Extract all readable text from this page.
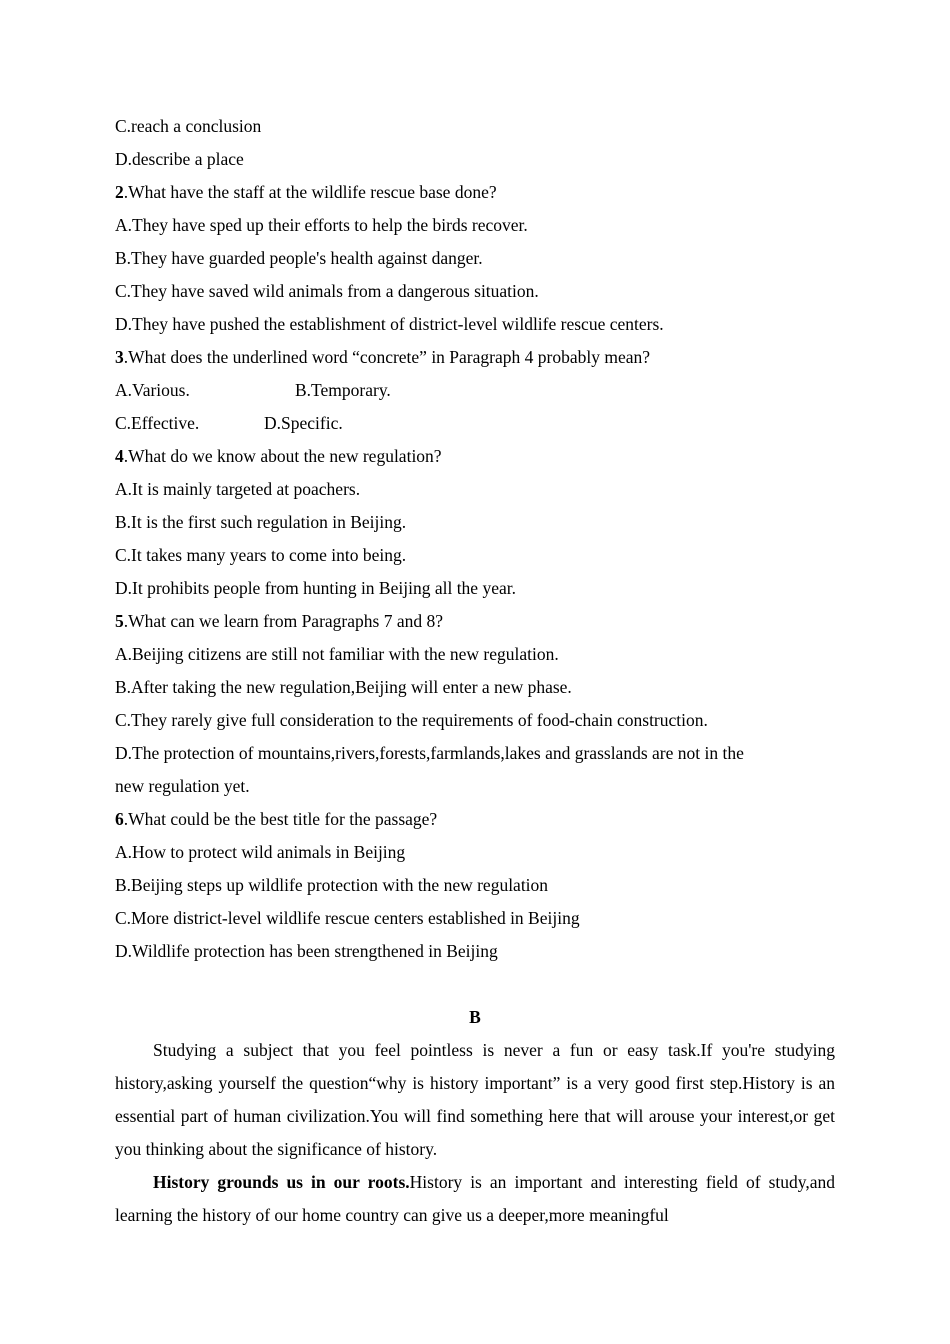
C.reach a conclusion
D.describe a place
2.What have the staff at the wildlife rescue base done?
A.They have sped up their efforts to help the birds recover.
B.They have guarded people's health against danger.
C.They have saved wild animals from a dangerous situation.
D.They have pushed the establishment of district-level wildlife rescue centers.
3.What does the underlined word “concrete” in Paragraph 4 probably mean?
A.Various.	B.Temporary.
C.Effective.	D.Specific.
4.What do we know about the new regulation?
A.It is mainly targeted at poachers.
B.It is the first such regulation in Beijing.
C.It takes many years to come into being.
D.It prohibits people from hunting in Beijing all the year.
5.What can we learn from Paragraphs 7 and 8?
A.Beijing citizens are still not familiar with the new regulation.
B.After taking the new regulation,Beijing will enter a new phase.
C.They rarely give full consideration to the requirements of food-chain construction.
D.The protection of mountains,rivers,forests,farmlands,lakes and grasslands are not in the
new regulation yet.
6.What could be the best title for the passage?
A.How to protect wild animals in Beijing
B.Beijing steps up wildlife protection with the new regulation
C.More district-level wildlife rescue centers established in Beijing
D.Wildlife protection has been strengthened in Beijing
B
Studying a subject that you feel pointless is never a fun or easy task.If you're studying history,asking yourself the question“why is history important” is a very good first step.History is an essential part of human civilization.You will find something here that will arouse your interest,or get you thinking about the significance of history.
History grounds us in our roots.History is an important and interesting field of study,and learning the history of our home country can give us a deeper,more meaningful
